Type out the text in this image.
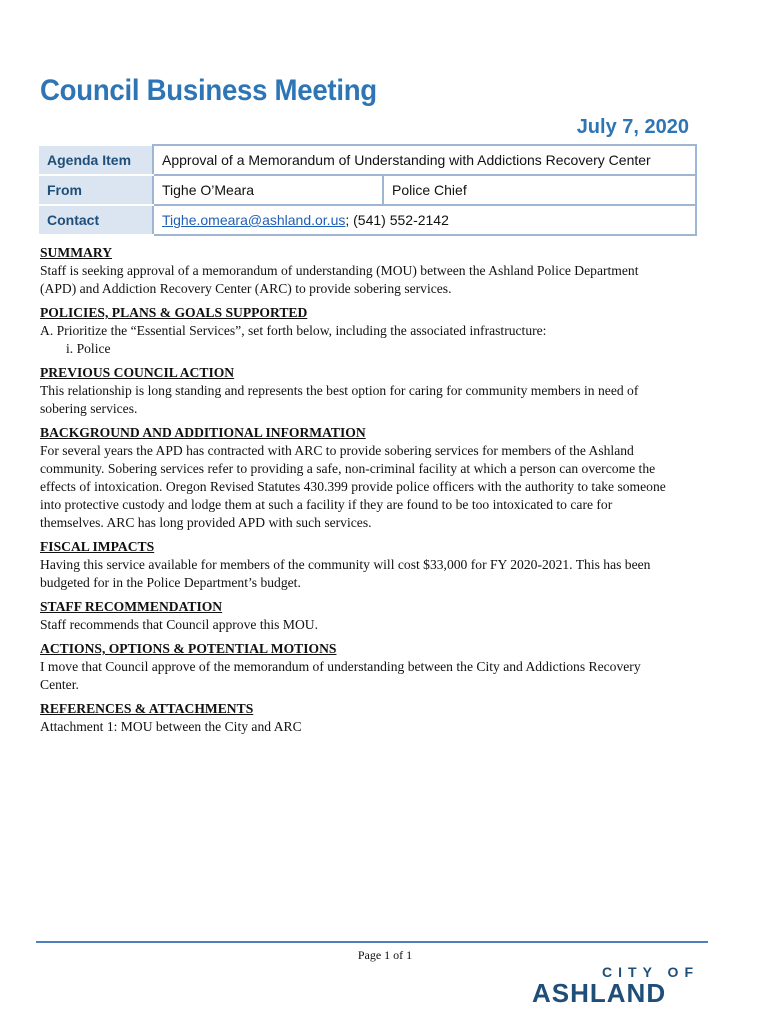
Council Business Meeting
July 7, 2020
Agenda Item	Approval of a Memorandum of Understanding with Addictions Recovery Center	
From	Tighe O’Meara	Police Chief
Contact	Tighe.omeara@ashland.or.us; (541) 552-2142	
SUMMARY
Staff is seeking approval of a memorandum of understanding (MOU) between the Ashland Police Department
(APD) and Addiction Recovery Center (ARC) to provide sobering services.
POLICIES, PLANS & GOALS SUPPORTED
A. Prioritize the “Essential Services”, set forth below, including the associated infrastructure:
i. Police
PREVIOUS COUNCIL ACTION
This relationship is long standing and represents the best option for caring for community members in need of
sobering services.
BACKGROUND AND ADDITIONAL INFORMATION
For several years the APD has contracted with ARC to provide sobering services for members of the Ashland
community. Sobering services refer to providing a safe, non-criminal facility at which a person can overcome the
effects of intoxication. Oregon Revised Statutes 430.399 provide police officers with the authority to take someone
into protective custody and lodge them at such a facility if they are found to be too intoxicated to care for
themselves. ARC has long provided APD with such services.
FISCAL IMPACTS
Having this service available for members of the community will cost $33,000 for FY 2020-2021. This has been
budgeted for in the Police Department’s budget.
STAFF RECOMMENDATION
Staff recommends that Council approve this MOU.
ACTIONS, OPTIONS & POTENTIAL MOTIONS
I move that Council approve of the memorandum of understanding between the City and Addictions Recovery
Center.
REFERENCES & ATTACHMENTS
Attachment 1: MOU between the City and ARC
Page 1 of 1
CITY OF
ASHLAND
